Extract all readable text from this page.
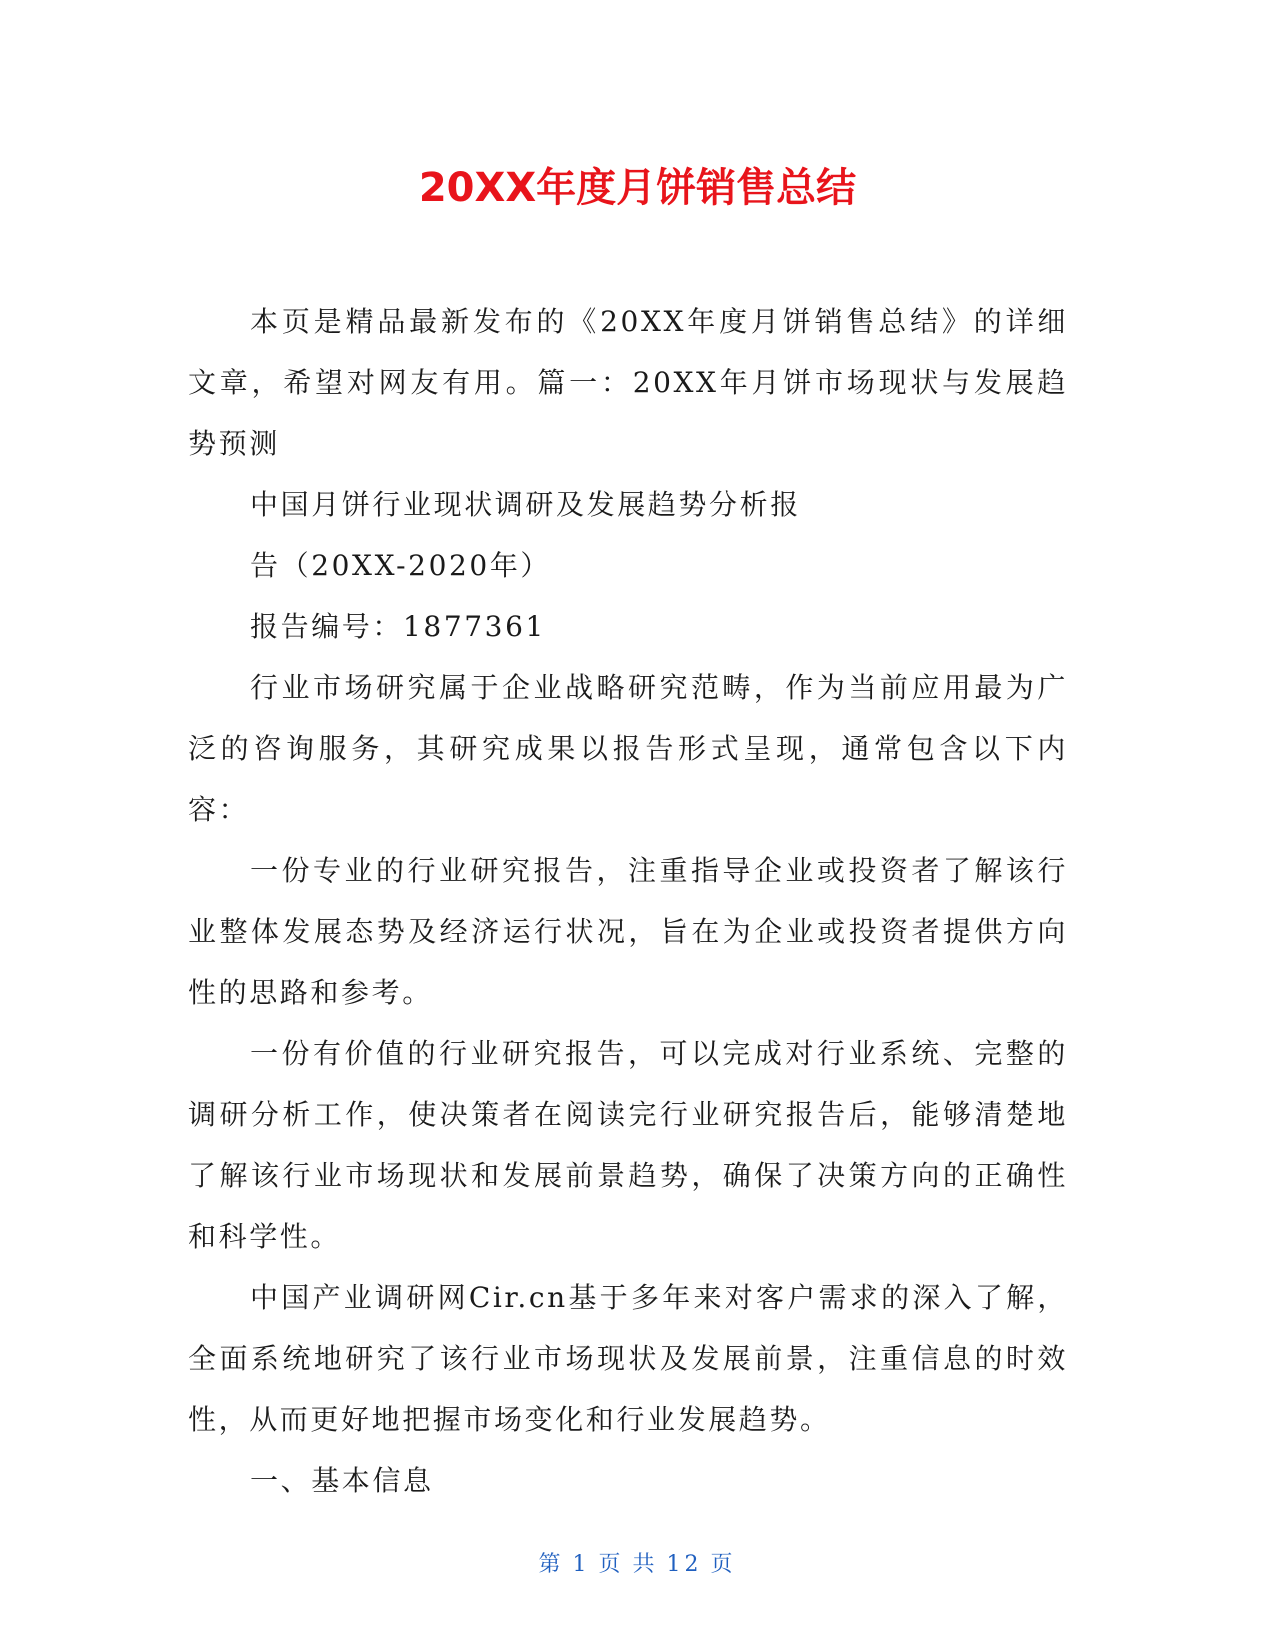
20XX年度月饼销售总结

本页是精品最新发布的《20XX年度月饼销售总结》的详细文章，希望对网友有用。篇一：20XX年月饼市场现状与发展趋势预测

中国月饼行业现状调研及发展趋势分析报

告（20XX-2020年）

报告编号：1877361

行业市场研究属于企业战略研究范畴，作为当前应用最为广泛的咨询服务，其研究成果以报告形式呈现，通常包含以下内容：

一份专业的行业研究报告，注重指导企业或投资者了解该行业整体发展态势及经济运行状况，旨在为企业或投资者提供方向性的思路和参考。

一份有价值的行业研究报告，可以完成对行业系统、完整的调研分析工作，使决策者在阅读完行业研究报告后，能够清楚地了解该行业市场现状和发展前景趋势，确保了决策方向的正确性和科学性。

中国产业调研网Cir.cn基于多年来对客户需求的深入了解，全面系统地研究了该行业市场现状及发展前景，注重信息的时效性，从而更好地把握市场变化和行业发展趋势。

一、基本信息

第 1 页 共 12 页
